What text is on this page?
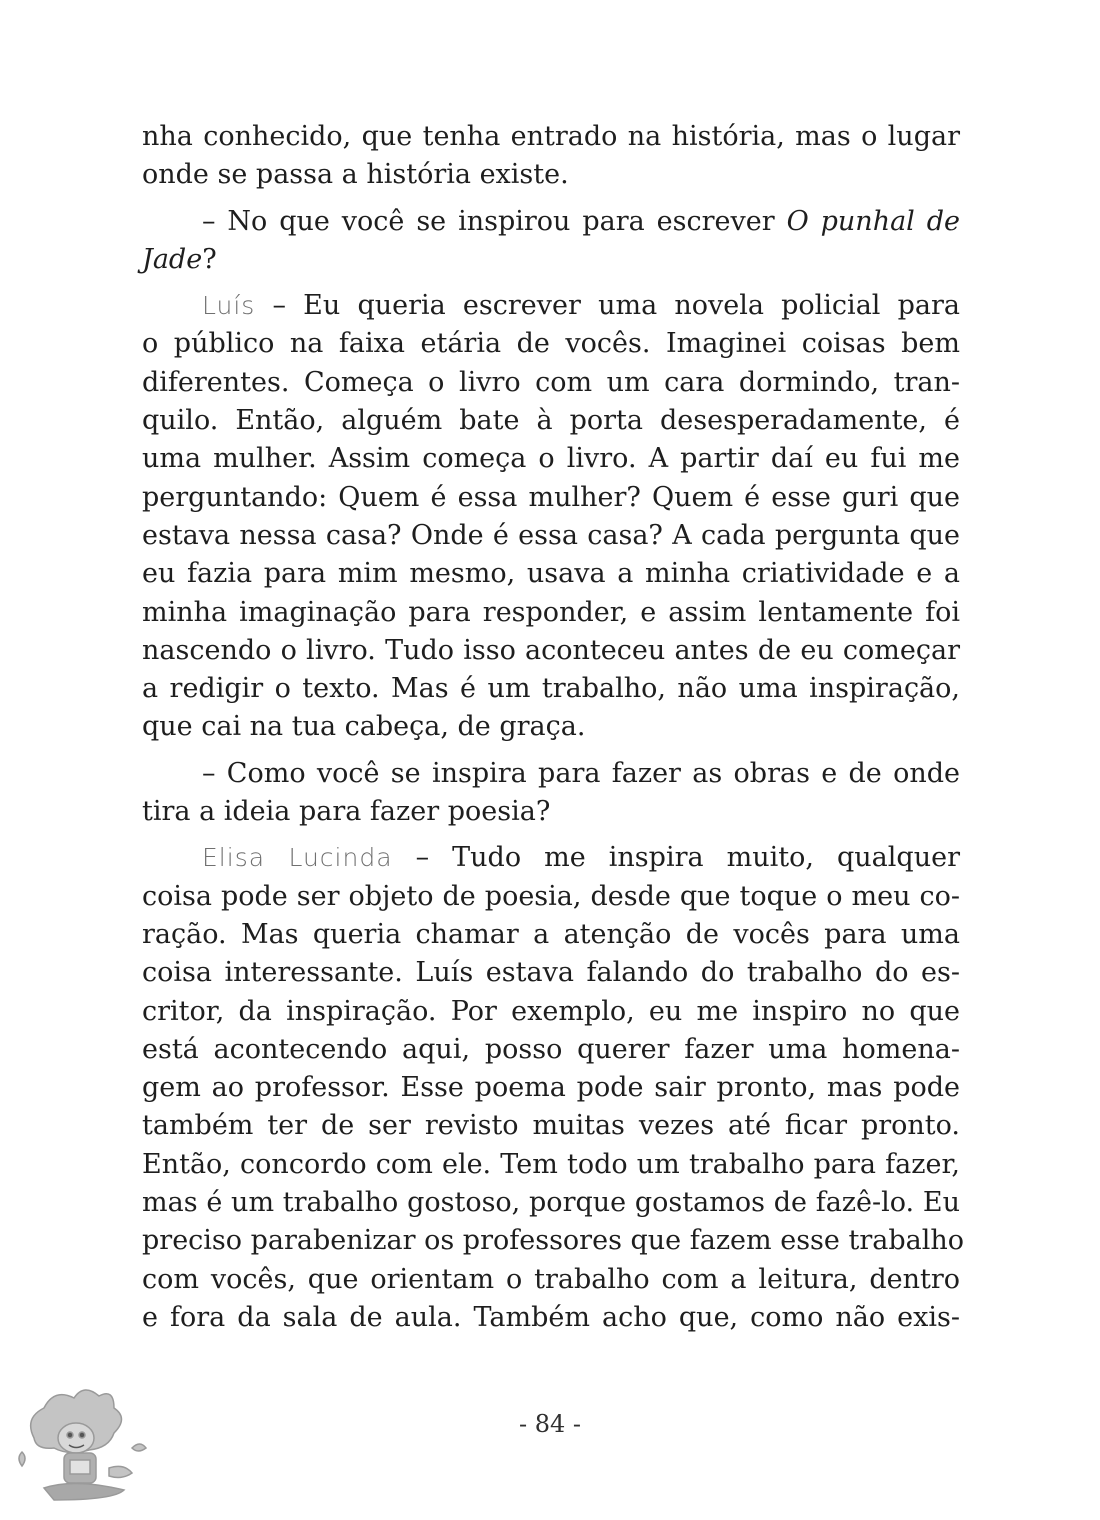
nha conhecido, que tenha entrado na história, mas o lugar
onde se passa a história existe.
– No que você se inspirou para escrever O punhal de
Jade?
Luís – Eu queria escrever uma novela policial para
o público na faixa etária de vocês. Imaginei coisas bem
diferentes. Começa o livro com um cara dormindo, tran-
quilo. Então, alguém bate à porta desesperadamente, é
uma mulher. Assim começa o livro. A partir daí eu fui me
perguntando: Quem é essa mulher? Quem é esse guri que
estava nessa casa? Onde é essa casa? A cada pergunta que
eu fazia para mim mesmo, usava a minha criatividade e a
minha imaginação para responder, e assim lentamente foi
nascendo o livro. Tudo isso aconteceu antes de eu começar
a redigir o texto. Mas é um trabalho, não uma inspiração,
que cai na tua cabeça, de graça.
– Como você se inspira para fazer as obras e de onde
tira a ideia para fazer poesia?
Elisa Lucinda – Tudo me inspira muito, qualquer
coisa pode ser objeto de poesia, desde que toque o meu co-
ração. Mas queria chamar a atenção de vocês para uma
coisa interessante. Luís estava falando do trabalho do es-
critor, da inspiração. Por exemplo, eu me inspiro no que
está acontecendo aqui, posso querer fazer uma homena-
gem ao professor. Esse poema pode sair pronto, mas pode
também ter de ser revisto muitas vezes até ficar pronto.
Então, concordo com ele. Tem todo um trabalho para fazer,
mas é um trabalho gostoso, porque gostamos de fazê-lo. Eu
preciso parabenizar os professores que fazem esse trabalho
com vocês, que orientam o trabalho com a leitura, dentro
e fora da sala de aula. Também acho que, como não exis-
- 84 -
